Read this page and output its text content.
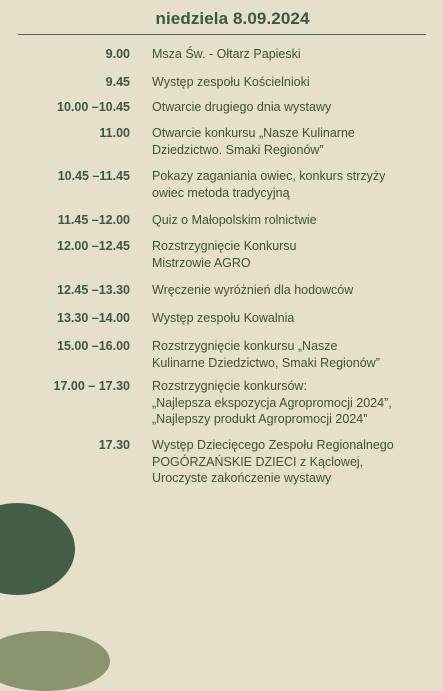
niedziela 8.09.2024
9.00 Msza Św. - Ołtarz Papieski
9.45 Występ zespołu Kościelnioki
10.00 –10.45 Otwarcie drugiego dnia wystawy
11.00 Otwarcie konkursu „Nasze Kulinarne
Dziedzictwo. Smaki Regionów”
10.45 –11.45 Pokazy zaganiania owiec, konkurs strzyży
owiec metoda tradycyjną
11.45 –12.00 Quiz o Małopolskim rolnictwie
12.00 –12.45 Rozstrzygnięcie Konkursu
Mistrzowie AGRO
12.45 –13.30 Wręczenie wyróżnień dla hodowców
13.30 –14.00 Występ zespołu Kowalnia
15.00 –16.00 Rozstrzygnięcie konkursu „Nasze
Kulinarne Dziedzictwo, Smaki Regionów”
17.00 – 17.30 Rozstrzygnięcie konkursów:
„Najlepsza ekspozycja Agropromocji 2024”,
„Najlepszy produkt Agropromocji 2024”
17.30 Występ Dziecięcego Zespołu Regionalnego
POGÓRZAŃSKIE DZIECI z Kąclowej,
Uroczyste zakończenie wystawy
